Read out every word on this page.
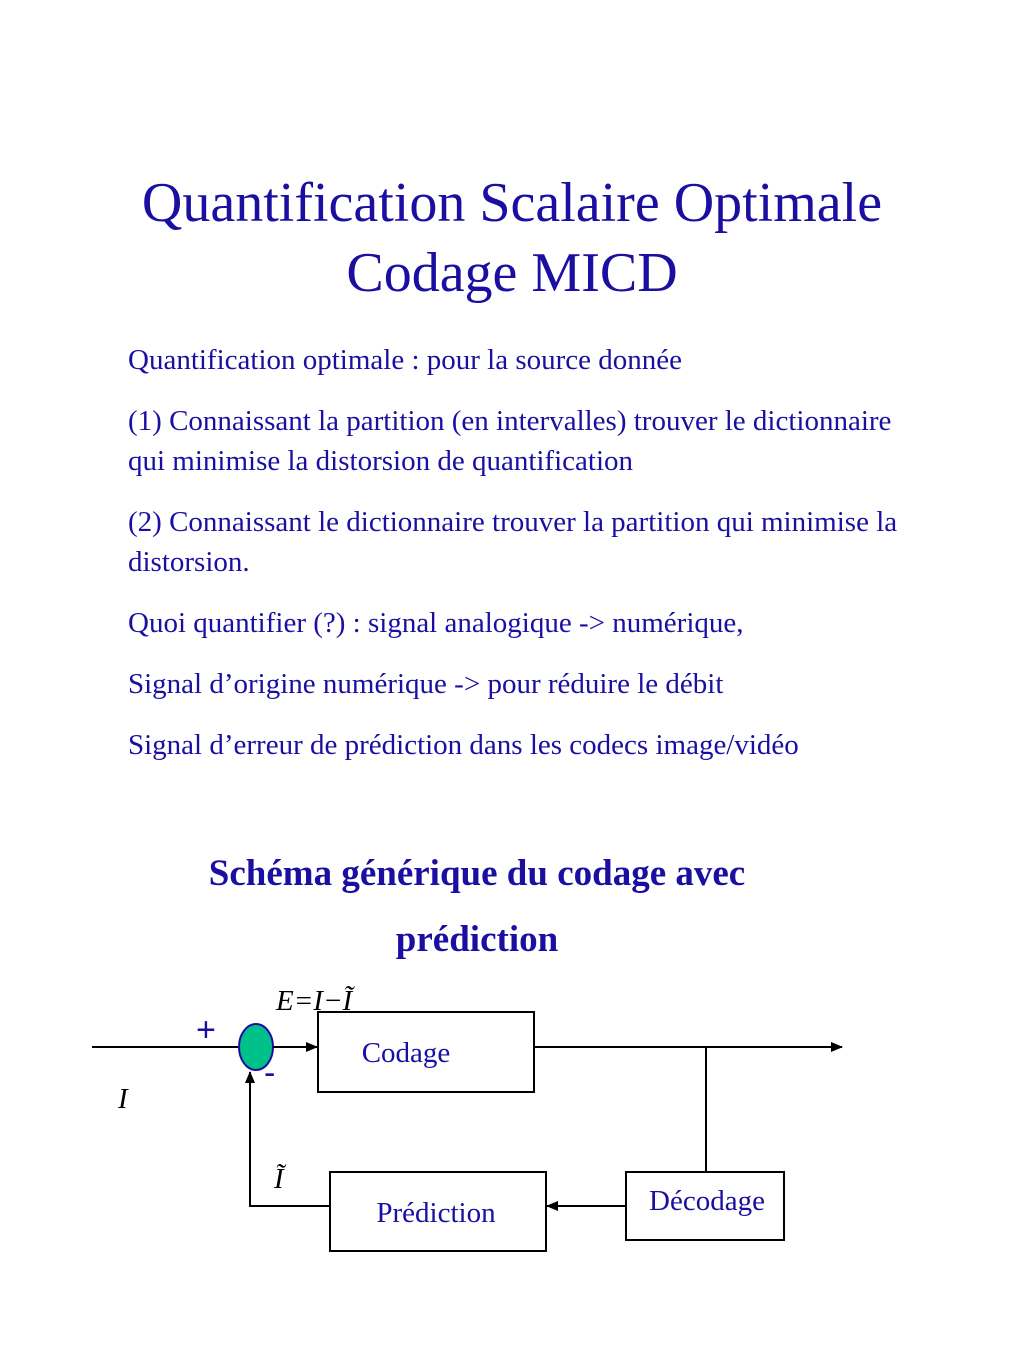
Quantification Scalaire Optimale
Codage MICD

Quantification optimale : pour la source donnée

(1) Connaissant la partition (en intervalles) trouver le dictionnaire qui minimise la distorsion de quantification

(2) Connaissant le dictionnaire trouver la partition qui minimise la distorsion.

Quoi quantifier (?) : signal analogique -> numérique,

Signal d’origine numérique -> pour réduire le débit

Signal d’erreur de prédiction dans les codecs image/vidéo

Schéma générique du codage avec

prédiction

Codage
Décodage
Prédiction
E=I−Ĩ
I
Ĩ
+
-
